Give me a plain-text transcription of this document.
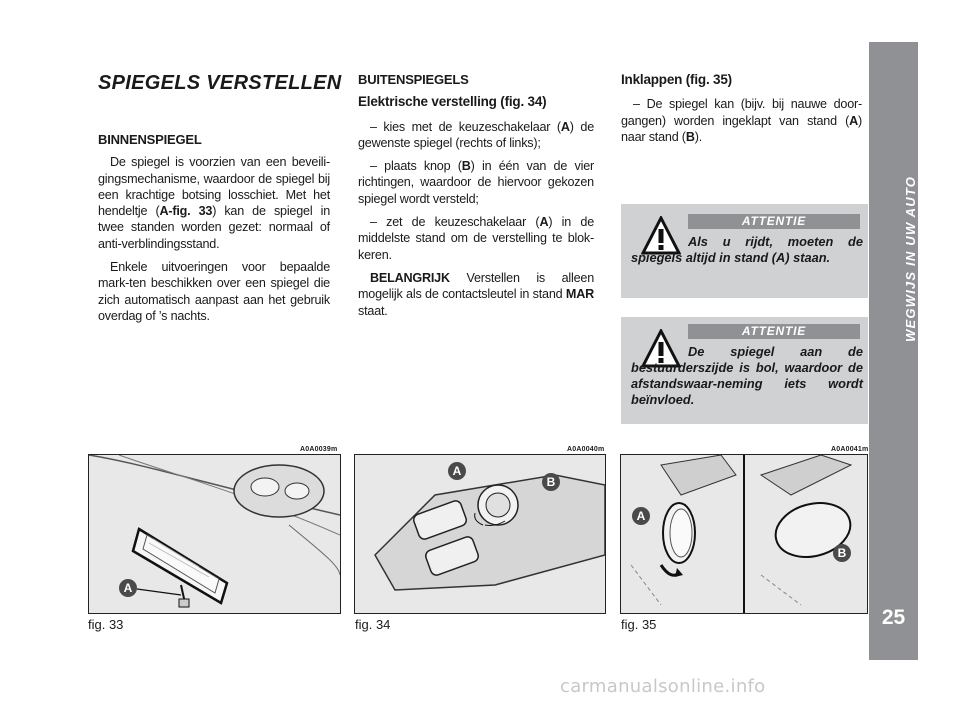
WEGWIJS IN UW AUTO
25
SPIEGELS VERSTELLEN

BINNENSPIEGEL

De spiegel is voorzien van een beveili-gingsmechanisme, waardoor de spiegel bij een krachtige botsing losschiet. Met het hendeltje (A-fig. 33) kan de spiegel in twee standen worden gezet: normaal of anti-verblindingsstand.

Enkele uitvoeringen voor bepaalde mark-ten beschikken over een spiegel die zich automatisch aanpast aan het gebruik overdag of ’s nachts.

BUITENSPIEGELS

Elektrische verstelling (fig. 34)

– kies met de keuzeschakelaar (A) de gewenste spiegel (rechts of links);

– plaats knop (B) in één van de vier richtingen, waardoor de hiervoor gekozen spiegel wordt versteld;

– zet de keuzeschakelaar (A) in de middelste stand om de verstelling te blok-keren.

BELANGRIJK Verstellen is alleen mogelijk als de contactsleutel in stand MAR staat.

Inklappen (fig. 35)

– De spiegel kan (bijv. bij nauwe door-gangen) worden ingeklapt van stand (A) naar stand (B).

ATTENTIE
Als u rijdt, moeten de spiegels altijd in stand (A) staan.
ATTENTIE
De spiegel aan de bestuurderszijde is bol, waardoor de afstandswaar-neming iets wordt beïnvloed.
A0A0039m
A
fig. 33
A0A0040m
A
B
fig. 34
A0A0041m
A
B
fig. 35
carmanualsonline.info
